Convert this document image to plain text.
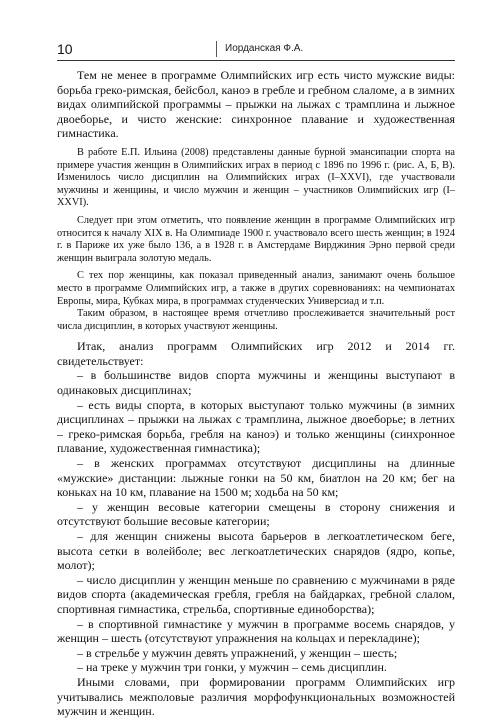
10	Иорданская Ф.А.

Тем не менее в программе Олимпийских игр есть чисто мужские виды: борьба греко-римская, бейсбол, каноэ в гребле и гребном слаломе, а в зимних видах олимпийской программы – прыжки на лыжах с трамплина и лыжное двоеборье, и чисто женские: синхронное плавание и художественная гимнастика.

В работе Е.П. Ильина (2008) представлены данные бурной эмансипации спорта на примере участия женщин в Олимпийских играх в период с 1896 по 1996 г. (рис. А, Б, В). Изменилось число дисциплин на Олимпийских играх (I–XXVI), где участвовали мужчины и женщины, и число мужчин и женщин – участников Олимпийских игр (I–XXVI).

Следует при этом отметить, что появление женщин в программе Олимпийских игр относится к началу XIX в. На Олимпиаде 1900 г. участвовало всего шесть женщин; в 1924 г. в Париже их уже было 136, а в 1928 г. в Амстердаме Вирджиния Эрно первой среди женщин выиграла золотую медаль.

С тех пор женщины, как показал приведенный анализ, занимают очень большое место в программе Олимпийских игр, а также в других соревнованиях: на чемпионатах Европы, мира, Кубках мира, в программах студенческих Универсиад и т.п.

Таким образом, в настоящее время отчетливо прослеживается значительный рост числа дисциплин, в которых участвуют женщины.

Итак, анализ программ Олимпийских игр 2012 и 2014 гг. свидетельствует:

– в большинстве видов спорта мужчины и женщины выступают в одинаковых дисциплинах;
– есть виды спорта, в которых выступают только мужчины (в зимних дисциплинах – прыжки на лыжах с трамплина, лыжное двоеборье; в летних – греко-римская борьба, гребля на каноэ) и только женщины (синхронное плавание, художественная гимнастика);
– в женских программах отсутствуют дисциплины на длинные «мужские» дистанции: лыжные гонки на 50 км, биатлон на 20 км; бег на коньках на 10 км, плавание на 1500 м; ходьба на 50 км;
– у женщин весовые категории смещены в сторону снижения и отсутствуют большие весовые категории;
– для женщин снижены высота барьеров в легкоатлетическом беге, высота сетки в волейболе; вес легкоатлетических снарядов (ядро, копье, молот);
– число дисциплин у женщин меньше по сравнению с мужчинами в ряде видов спорта (академическая гребля, гребля на байдарках, гребной слалом, спортивная гимнастика, стрельба, спортивные единоборства);
– в спортивной гимнастике у мужчин в программе восемь снарядов, у женщин – шесть (отсутствуют упражнения на кольцах и перекладине);
– в стрельбе у мужчин девять упражнений, у женщин – шесть;
– на треке у мужчин три гонки, у мужчин – семь дисциплин.

Иными словами, при формировании программ Олимпийских игр учитывались межполовые различия морфофункциональных возможностей мужчин и женщин.
